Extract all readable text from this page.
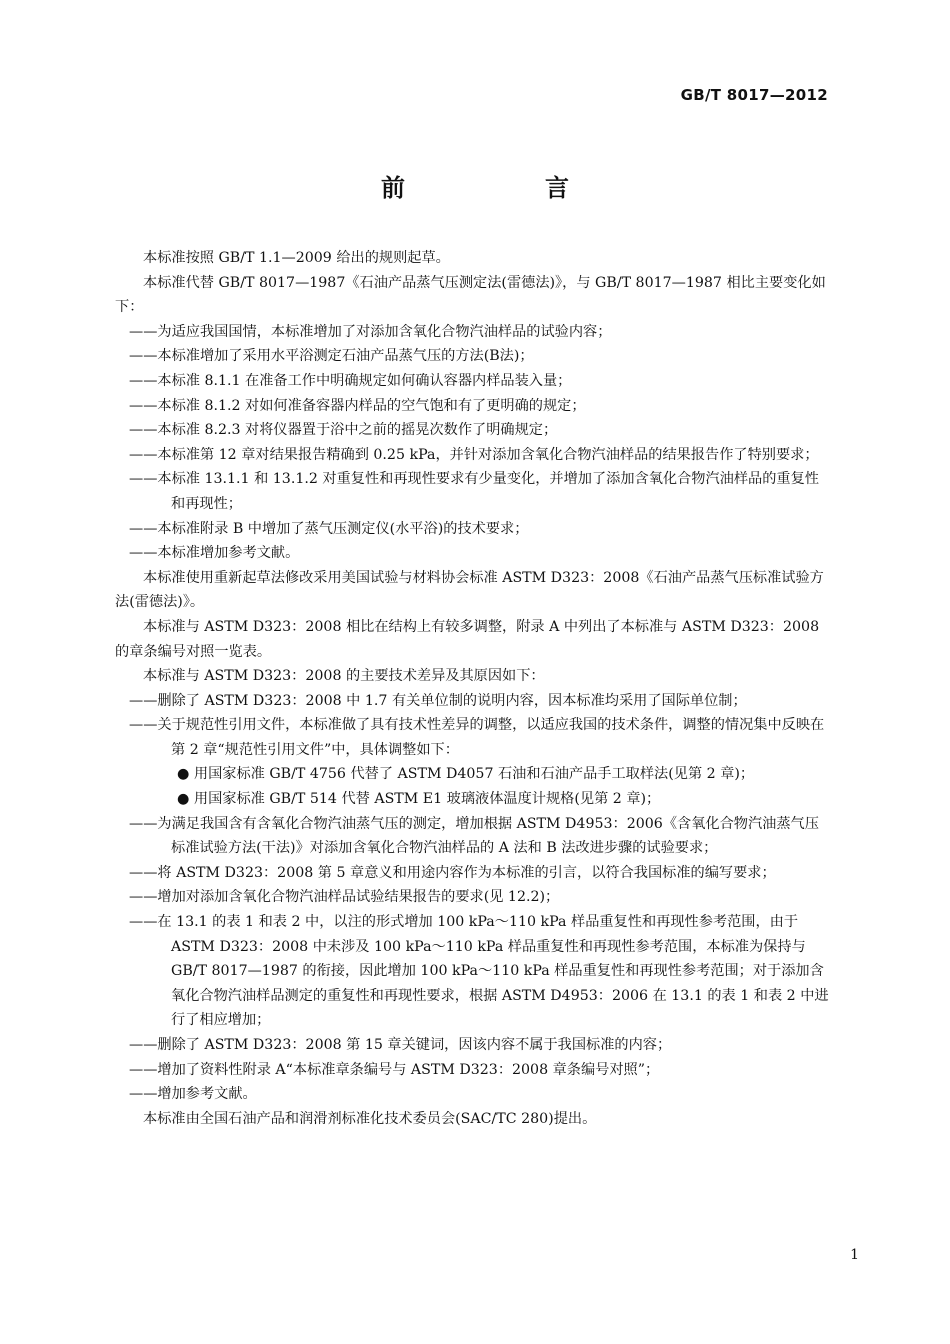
GB/T 8017—2012
前　言

本标准按照 GB/T 1.1—2009 给出的规则起草。

本标准代替 GB/T 8017—1987《石油产品蒸气压测定法(雷德法)》，与 GB/T 8017—1987 相比主要变化如下：

——为适应我国国情，本标准增加了对添加含氧化合物汽油样品的试验内容；

——本标准增加了采用水平浴测定石油产品蒸气压的方法(B法)；

——本标准 8.1.1 在准备工作中明确规定如何确认容器内样品装入量；

——本标准 8.1.2 对如何准备容器内样品的空气饱和有了更明确的规定；

——本标准 8.2.3 对将仪器置于浴中之前的摇晃次数作了明确规定；

——本标准第 12 章对结果报告精确到 0.25 kPa，并针对添加含氧化合物汽油样品的结果报告作了特别要求；

——本标准 13.1.1 和 13.1.2 对重复性和再现性要求有少量变化，并增加了添加含氧化合物汽油样品的重复性和再现性；

——本标准附录 B 中增加了蒸气压测定仪(水平浴)的技术要求；

——本标准增加参考文献。

本标准使用重新起草法修改采用美国试验与材料协会标准 ASTM D323：2008《石油产品蒸气压标准试验方法(雷德法)》。

本标准与 ASTM D323：2008 相比在结构上有较多调整，附录 A 中列出了本标准与 ASTM D323：2008 的章条编号对照一览表。

本标准与 ASTM D323：2008 的主要技术差异及其原因如下：

——删除了 ASTM D323：2008 中 1.7 有关单位制的说明内容，因本标准均采用了国际单位制；

——关于规范性引用文件，本标准做了具有技术性差异的调整，以适应我国的技术条件，调整的情况集中反映在第 2 章“规范性引用文件”中，具体调整如下：

● 用国家标准 GB/T 4756 代替了 ASTM D4057 石油和石油产品手工取样法(见第 2 章)；

● 用国家标准 GB/T 514 代替 ASTM E1 玻璃液体温度计规格(见第 2 章)；

——为满足我国含有含氧化合物汽油蒸气压的测定，增加根据 ASTM D4953：2006《含氧化合物汽油蒸气压标准试验方法(干法)》对添加含氧化合物汽油样品的 A 法和 B 法改进步骤的试验要求；

——将 ASTM D323：2008 第 5 章意义和用途内容作为本标准的引言，以符合我国标准的编写要求；

——增加对添加含氧化合物汽油样品试验结果报告的要求(见 12.2)；

——在 13.1 的表 1 和表 2 中，以注的形式增加 100 kPa～110 kPa 样品重复性和再现性参考范围，由于 ASTM D323：2008 中未涉及 100 kPa～110 kPa 样品重复性和再现性参考范围，本标准为保持与 GB/T 8017—1987 的衔接，因此增加 100 kPa～110 kPa 样品重复性和再现性参考范围；对于添加含氧化合物汽油样品测定的重复性和再现性要求，根据 ASTM D4953：2006 在 13.1 的表 1 和表 2 中进行了相应增加；

——删除了 ASTM D323：2008 第 15 章关键词，因该内容不属于我国标准的内容；

——增加了资料性附录 A“本标准章条编号与 ASTM D323：2008 章条编号对照”；

——增加参考文献。

本标准由全国石油产品和润滑剂标准化技术委员会(SAC/TC 280)提出。

1
